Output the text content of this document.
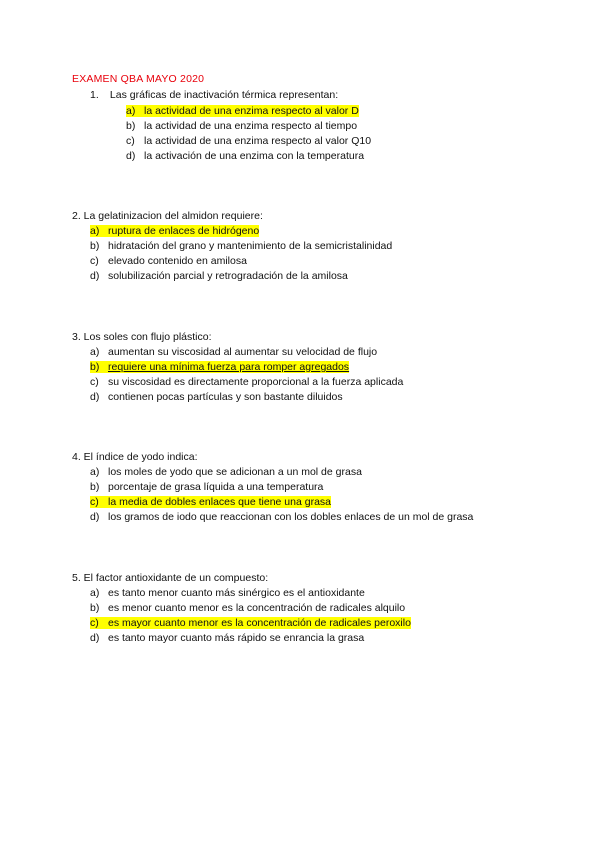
EXAMEN QBA MAYO 2020
1. Las gráficas de inactivación térmica representan:
a) la actividad de una enzima respecto al valor D
b) la actividad de una enzima respecto al tiempo
c) la actividad de una enzima respecto al valor Q10
d) la activación de una enzima con la temperatura
2. La gelatinizacion del almidon requiere:
a) ruptura de enlaces de hidrógeno
b) hidratación del grano y mantenimiento de la semicristalinidad
c) elevado contenido en amilosa
d) solubilización parcial y retrogradación de la amilosa
3. Los soles con flujo plástico:
a) aumentan su viscosidad al aumentar su velocidad de flujo
b) requiere una mínima fuerza para romper agregados
c) su viscosidad es directamente proporcional a la fuerza aplicada
d) contienen pocas partículas y son bastante diluidos
4. El índice de yodo indica:
a) los moles de yodo que se adicionan a un mol de grasa
b) porcentaje de grasa líquida a una temperatura
c) la media de dobles enlaces que tiene una grasa
d) los gramos de iodo que reaccionan con los dobles enlaces de un mol de grasa
5. El factor antioxidante de un compuesto:
a) es tanto menor cuanto más sinérgico es el antioxidante
b) es menor cuanto menor es la concentración de radicales alquilo
c) es mayor cuanto menor es la concentración de radicales peroxilo
d) es tanto mayor cuanto más rápido se enrancia la grasa
